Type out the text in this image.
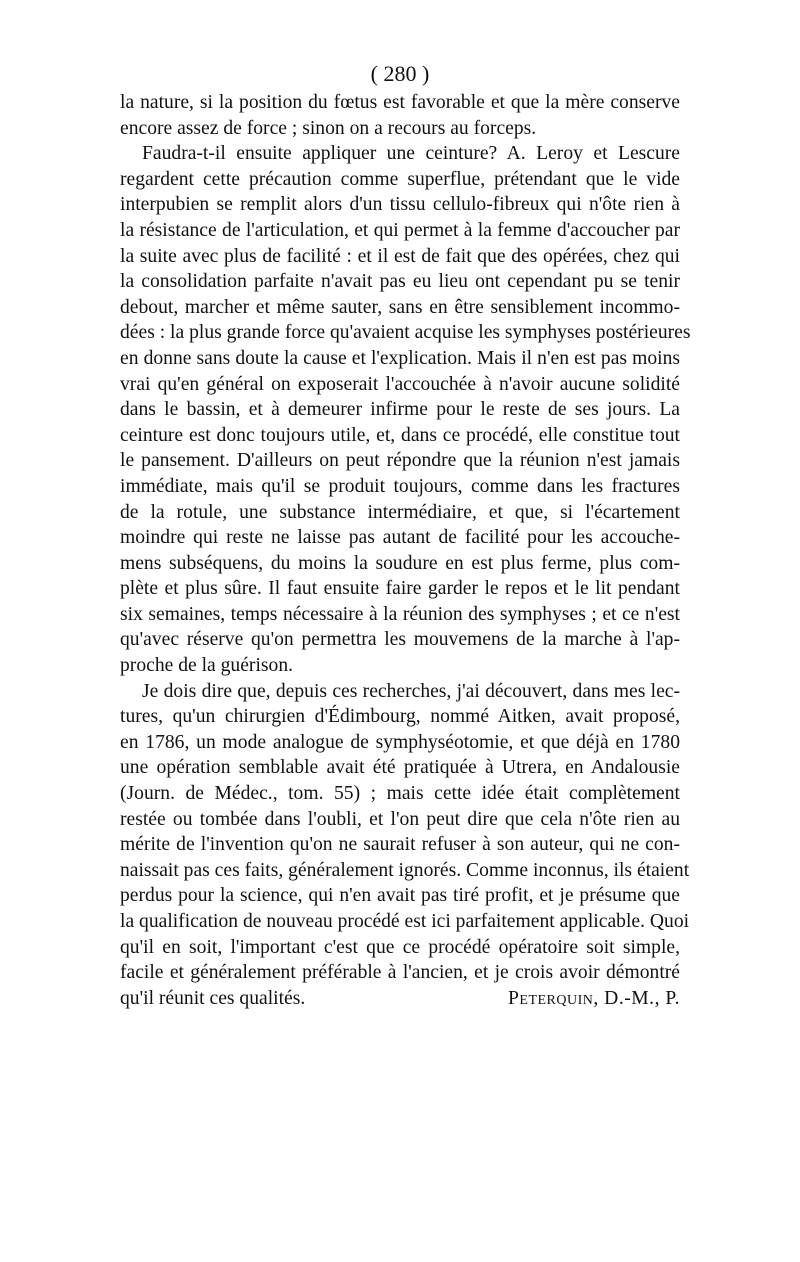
( 280 )
la nature, si la position du fœtus est favorable et que la mère conserve
encore assez de force ; sinon on a recours au forceps.
Faudra-t-il ensuite appliquer une ceinture? A. Leroy et Lescure
regardent cette précaution comme superflue, prétendant que le vide
interpubien se remplit alors d'un tissu cellulo-fibreux qui n'ôte rien à
la résistance de l'articulation, et qui permet à la femme d'accoucher par
la suite avec plus de facilité : et il est de fait que des opérées, chez qui
la consolidation parfaite n'avait pas eu lieu ont cependant pu se tenir
debout, marcher et même sauter, sans en être sensiblement incommo-
dées : la plus grande force qu'avaient acquise les symphyses postérieures
en donne sans doute la cause et l'explication. Mais il n'en est pas moins
vrai qu'en général on exposerait l'accouchée à n'avoir aucune solidité
dans le bassin, et à demeurer infirme pour le reste de ses jours. La
ceinture est donc toujours utile, et, dans ce procédé, elle constitue tout
le pansement. D'ailleurs on peut répondre que la réunion n'est jamais
immédiate, mais qu'il se produit toujours, comme dans les fractures
de la rotule, une substance intermédiaire, et que, si l'écartement
moindre qui reste ne laisse pas autant de facilité pour les accouche-
mens subséquens, du moins la soudure en est plus ferme, plus com-
plète et plus sûre. Il faut ensuite faire garder le repos et le lit pendant
six semaines, temps nécessaire à la réunion des symphyses ; et ce n'est
qu'avec réserve qu'on permettra les mouvemens de la marche à l'ap-
proche de la guérison.
Je dois dire que, depuis ces recherches, j'ai découvert, dans mes lec-
tures, qu'un chirurgien d'Édimbourg, nommé Aitken, avait proposé,
en 1786, un mode analogue de symphyséotomie, et que déjà en 1780
une opération semblable avait été pratiquée à Utrera, en Andalousie
(Journ. de Médec., tom. 55) ; mais cette idée était complètement
restée ou tombée dans l'oubli, et l'on peut dire que cela n'ôte rien au
mérite de l'invention qu'on ne saurait refuser à son auteur, qui ne con-
naissait pas ces faits, généralement ignorés. Comme inconnus, ils étaient
perdus pour la science, qui n'en avait pas tiré profit, et je présume que
la qualification de nouveau procédé est ici parfaitement applicable. Quoi
qu'il en soit, l'important c'est que ce procédé opératoire soit simple,
facile et généralement préférable à l'ancien, et je crois avoir démontré
qu'il réunit ces qualités.	Peterquin, D.-M., P.
